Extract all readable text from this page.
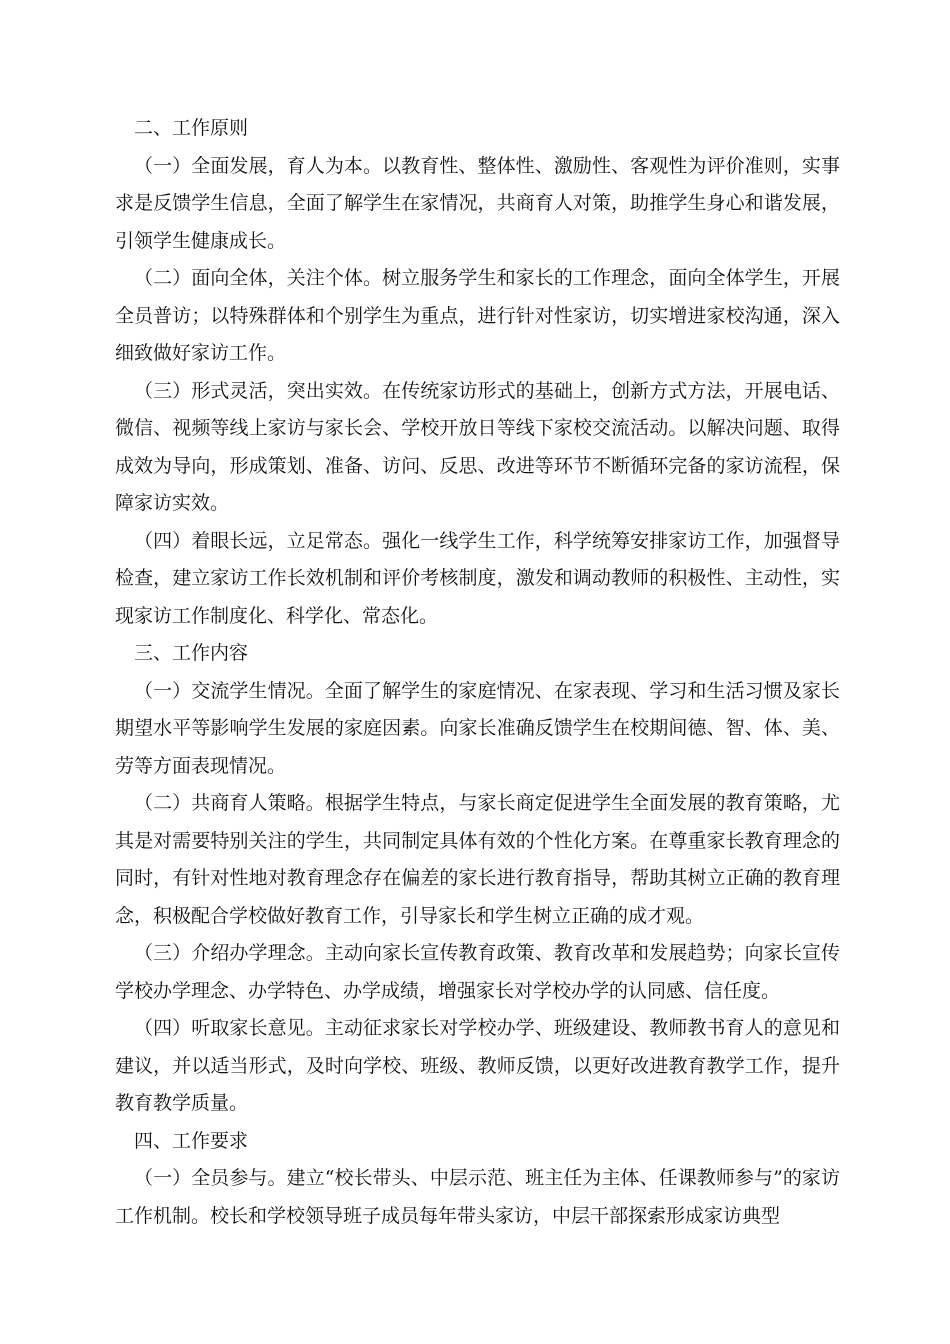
二、工作原则

（一）全面发展，育人为本。以教育性、整体性、激励性、客观性为评价准则，实事求是反馈学生信息，全面了解学生在家情况，共商育人对策，助推学生身心和谐发展，引领学生健康成长。

（二）面向全体，关注个体。树立服务学生和家长的工作理念，面向全体学生，开展全员普访；以特殊群体和个别学生为重点，进行针对性家访，切实增进家校沟通，深入细致做好家访工作。

（三）形式灵活，突出实效。在传统家访形式的基础上，创新方式方法，开展电话、微信、视频等线上家访与家长会、学校开放日等线下家校交流活动。以解决问题、取得成效为导向，形成策划、准备、访问、反思、改进等环节不断循环完备的家访流程，保障家访实效。

（四）着眼长远，立足常态。强化一线学生工作，科学统筹安排家访工作，加强督导检查，建立家访工作长效机制和评价考核制度，激发和调动教师的积极性、主动性，实现家访工作制度化、科学化、常态化。

三、工作内容

（一）交流学生情况。全面了解学生的家庭情况、在家表现、学习和生活习惯及家长期望水平等影响学生发展的家庭因素。向家长准确反馈学生在校期间德、智、体、美、劳等方面表现情况。

（二）共商育人策略。根据学生特点，与家长商定促进学生全面发展的教育策略，尤其是对需要特别关注的学生，共同制定具体有效的个性化方案。在尊重家长教育理念的同时，有针对性地对教育理念存在偏差的家长进行教育指导，帮助其树立正确的教育理念，积极配合学校做好教育工作，引导家长和学生树立正确的成才观。

（三）介绍办学理念。主动向家长宣传教育政策、教育改革和发展趋势；向家长宣传学校办学理念、办学特色、办学成绩，增强家长对学校办学的认同感、信任度。

（四）听取家长意见。主动征求家长对学校办学、班级建设、教师教书育人的意见和建议，并以适当形式，及时向学校、班级、教师反馈，以更好改进教育教学工作，提升教育教学质量。

四、工作要求

（一）全员参与。建立“校长带头、中层示范、班主任为主体、任课教师参与”的家访工作机制。校长和学校领导班子成员每年带头家访，中层干部探索形成家访典型
